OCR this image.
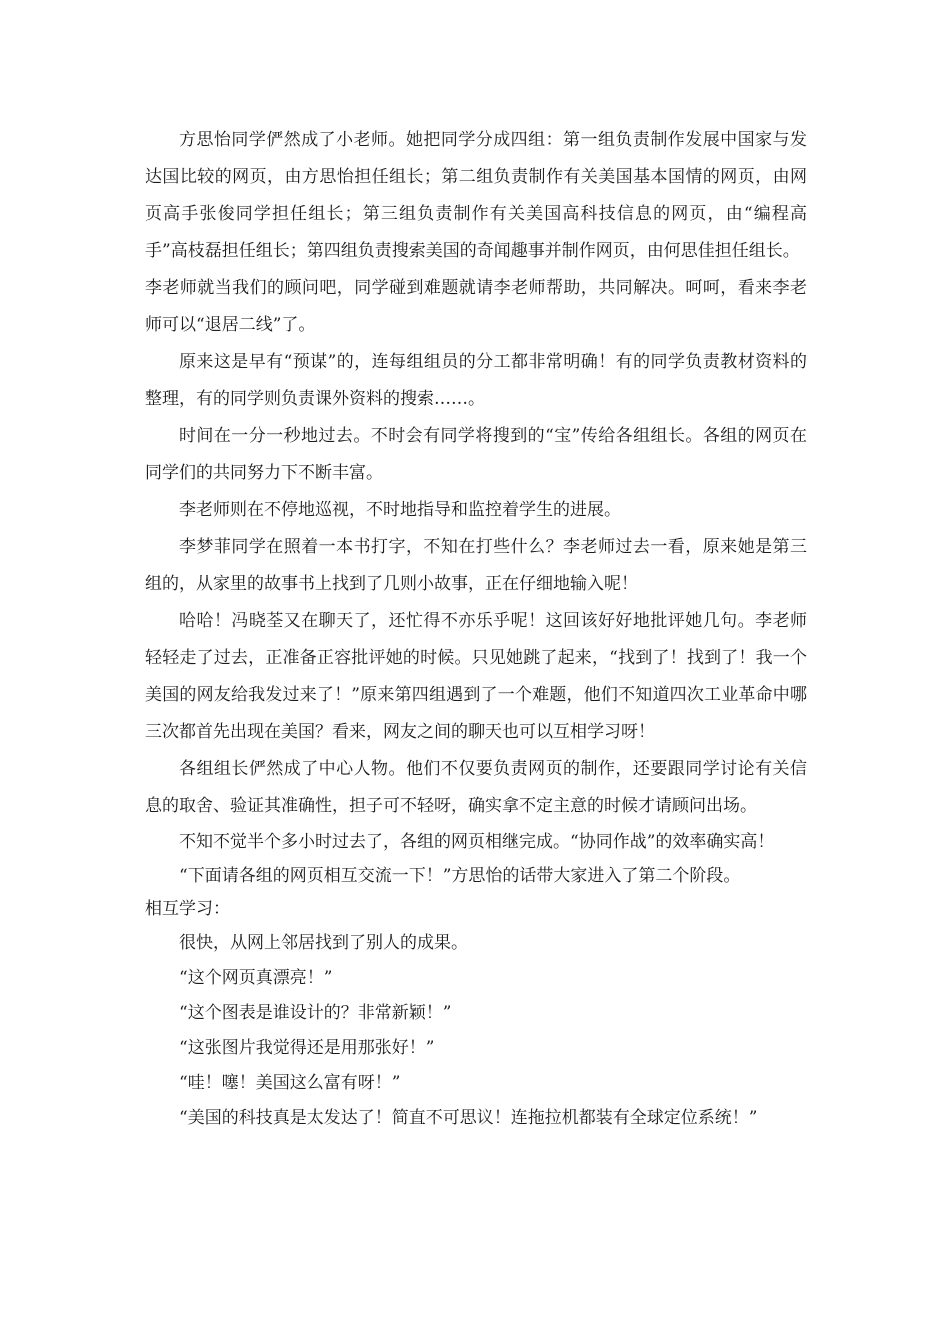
方思怡同学俨然成了小老师。她把同学分成四组：第一组负责制作发展中国家与发达国比较的网页，由方思怡担任组长；第二组负责制作有关美国基本国情的网页，由网页高手张俊同学担任组长；第三组负责制作有关美国高科技信息的网页，由“编程高手”高枝磊担任组长；第四组负责搜索美国的奇闻趣事并制作网页，由何思佳担任组长。

李老师就当我们的顾问吧，同学碰到难题就请李老师帮助，共同解决。呵呵，看来李老师可以“退居二线”了。

原来这是早有“预谋”的，连每组组员的分工都非常明确！有的同学负责教材资料的整理，有的同学则负责课外资料的搜索……。

时间在一分一秒地过去。不时会有同学将搜到的“宝”传给各组组长。各组的网页在同学们的共同努力下不断丰富。

李老师则在不停地巡视，不时地指导和监控着学生的进展。

李梦菲同学在照着一本书打字，不知在打些什么？李老师过去一看，原来她是第三组的，从家里的故事书上找到了几则小故事，正在仔细地输入呢！

哈哈！冯晓荃又在聊天了，还忙得不亦乐乎呢！这回该好好地批评她几句。李老师轻轻走了过去，正准备正容批评她的时候。只见她跳了起来，“找到了！找到了！我一个美国的网友给我发过来了！”原来第四组遇到了一个难题，他们不知道四次工业革命中哪三次都首先出现在美国？看来，网友之间的聊天也可以互相学习呀！

各组组长俨然成了中心人物。他们不仅要负责网页的制作，还要跟同学讨论有关信息的取舍、验证其准确性，担子可不轻呀，确实拿不定主意的时候才请顾问出场。

不知不觉半个多小时过去了，各组的网页相继完成。“协同作战”的效率确实高！

“下面请各组的网页相互交流一下！”方思怡的话带大家进入了第二个阶段。

相互学习：

很快，从网上邻居找到了别人的成果。

“这个网页真漂亮！”

“这个图表是谁设计的？非常新颖！”

“这张图片我觉得还是用那张好！”

“哇！噻！美国这么富有呀！”

“美国的科技真是太发达了！简直不可思议！连拖拉机都装有全球定位系统！”
